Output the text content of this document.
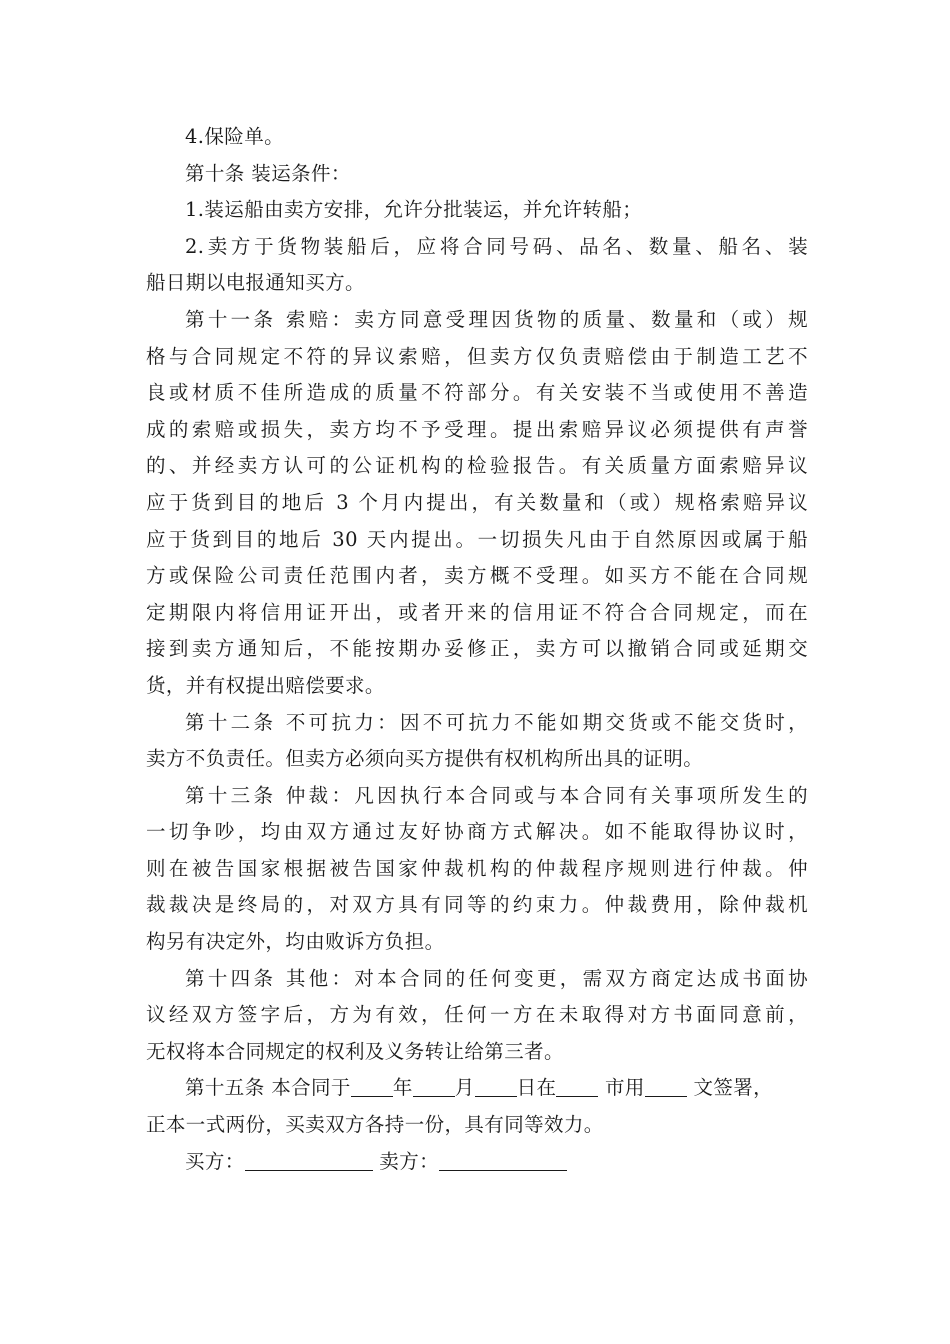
4.保险单。
第十条 装运条件：
1.装运船由卖方安排，允许分批装运，并允许转船；
2.卖方于货物装船后，应将合同号码、品名、数量、船名、装
船日期以电报通知买方。
第十一条 索赔：卖方同意受理因货物的质量、数量和（或）规
格与合同规定不符的异议索赔，但卖方仅负责赔偿由于制造工艺不
良或材质不佳所造成的质量不符部分。有关安装不当或使用不善造
成的索赔或损失，卖方均不予受理。提出索赔异议必须提供有声誉
的、并经卖方认可的公证机构的检验报告。有关质量方面索赔异议
应于货到目的地后 3 个月内提出，有关数量和（或）规格索赔异议
应于货到目的地后 30 天内提出。一切损失凡由于自然原因或属于船
方或保险公司责任范围内者，卖方概不受理。如买方不能在合同规
定期限内将信用证开出，或者开来的信用证不符合合同规定，而在
接到卖方通知后，不能按期办妥修正，卖方可以撤销合同或延期交
货，并有权提出赔偿要求。
第十二条 不可抗力：因不可抗力不能如期交货或不能交货时，
卖方不负责任。但卖方必须向买方提供有权机构所出具的证明。
第十三条 仲裁：凡因执行本合同或与本合同有关事项所发生的
一切争吵，均由双方通过友好协商方式解决。如不能取得协议时，
则在被告国家根据被告国家仲裁机构的仲裁程序规则进行仲裁。仲
裁裁决是终局的，对双方具有同等的约束力。仲裁费用，除仲裁机
构另有决定外，均由败诉方负担。
第十四条 其他：对本合同的任何变更，需双方商定达成书面协
议经双方签字后，方为有效，任何一方在未取得对方书面同意前，
无权将本合同规定的权利及义务转让给第三者。
第十五条 本合同于 年 月 日在 市用 文签署，
正本一式两份，买卖双方各持一份，具有同等效力。
买方：	卖方：
